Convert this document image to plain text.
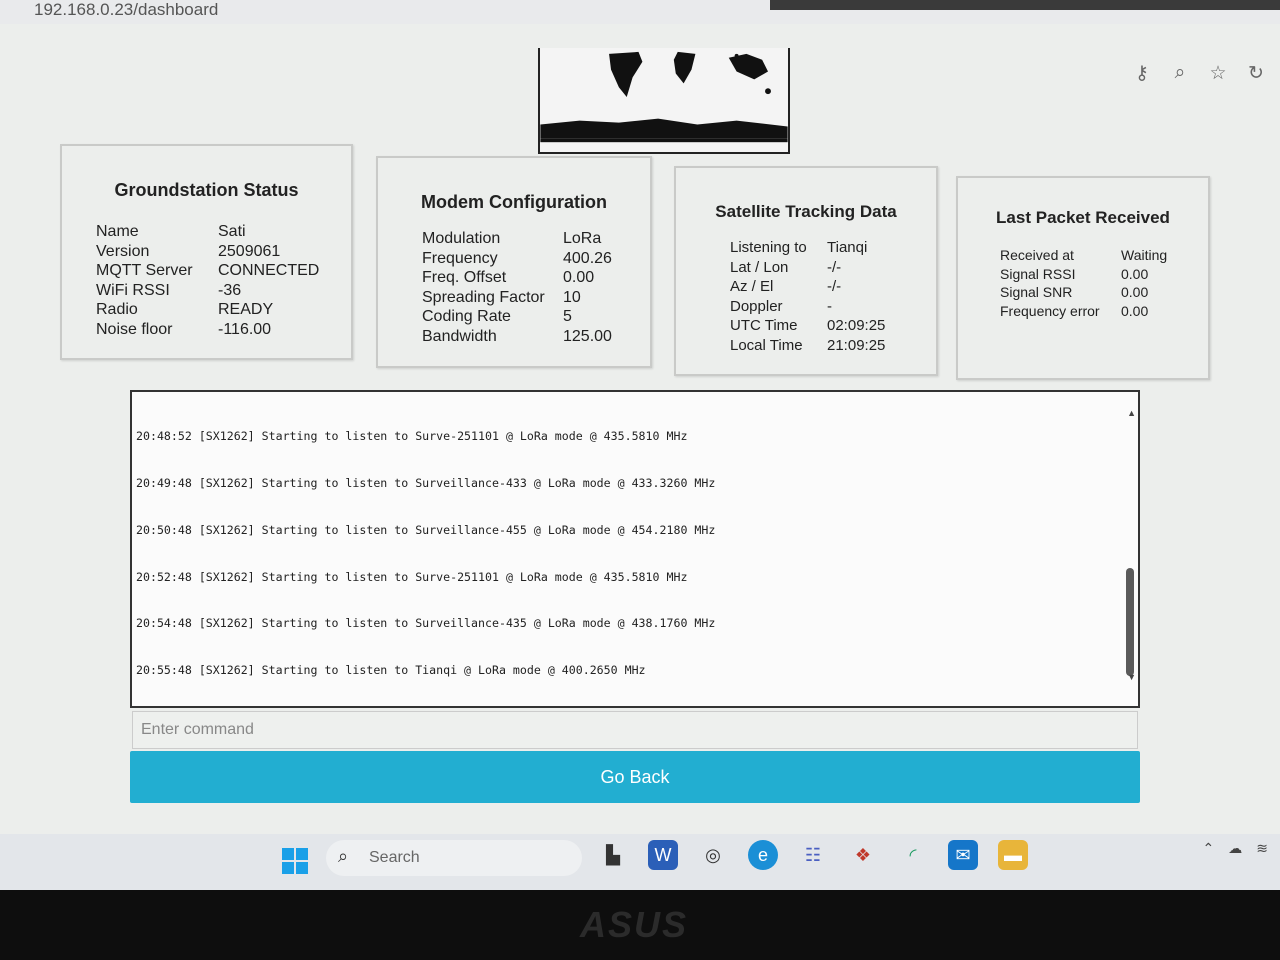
192.168.0.23/dashboard
⚷ ⌕ ☆ ↻
Groundstation Status
Name	Sati
Version	2509061
MQTT Server	CONNECTED
WiFi RSSI	-36
Radio	READY
Noise floor	-116.00
Modem Configuration
Modulation	LoRa
Frequency	400.26
Freq. Offset	0.00
Spreading Factor	10
Coding Rate	5
Bandwidth	125.00
Satellite Tracking Data
Listening to	Tianqi
Lat / Lon	-/-
Az / El	-/-
Doppler	-
UTC Time	02:09:25
Local Time	21:09:25
Last Packet Received
Received at	Waiting
Signal RSSI	0.00
Signal SNR	0.00
Frequency error	0.00

20:48:52 [SX1262] Starting to listen to Surve-251101 @ LoRa mode @ 435.5810 MHz

20:49:48 [SX1262] Starting to listen to Surveillance-433 @ LoRa mode @ 433.3260 MHz

20:50:48 [SX1262] Starting to listen to Surveillance-455 @ LoRa mode @ 454.2180 MHz

20:52:48 [SX1262] Starting to listen to Surve-251101 @ LoRa mode @ 435.5810 MHz

20:54:48 [SX1262] Starting to listen to Surveillance-435 @ LoRa mode @ 438.1760 MHz

20:55:48 [SX1262] Starting to listen to Tianqi @ LoRa mode @ 400.2650 MHz

▲
▼
Enter command
Go Back
⌕ Search	▙	W	◎	e	☷	❖	◜	✉	▬	⌃ ☁ ≋
ASUS
